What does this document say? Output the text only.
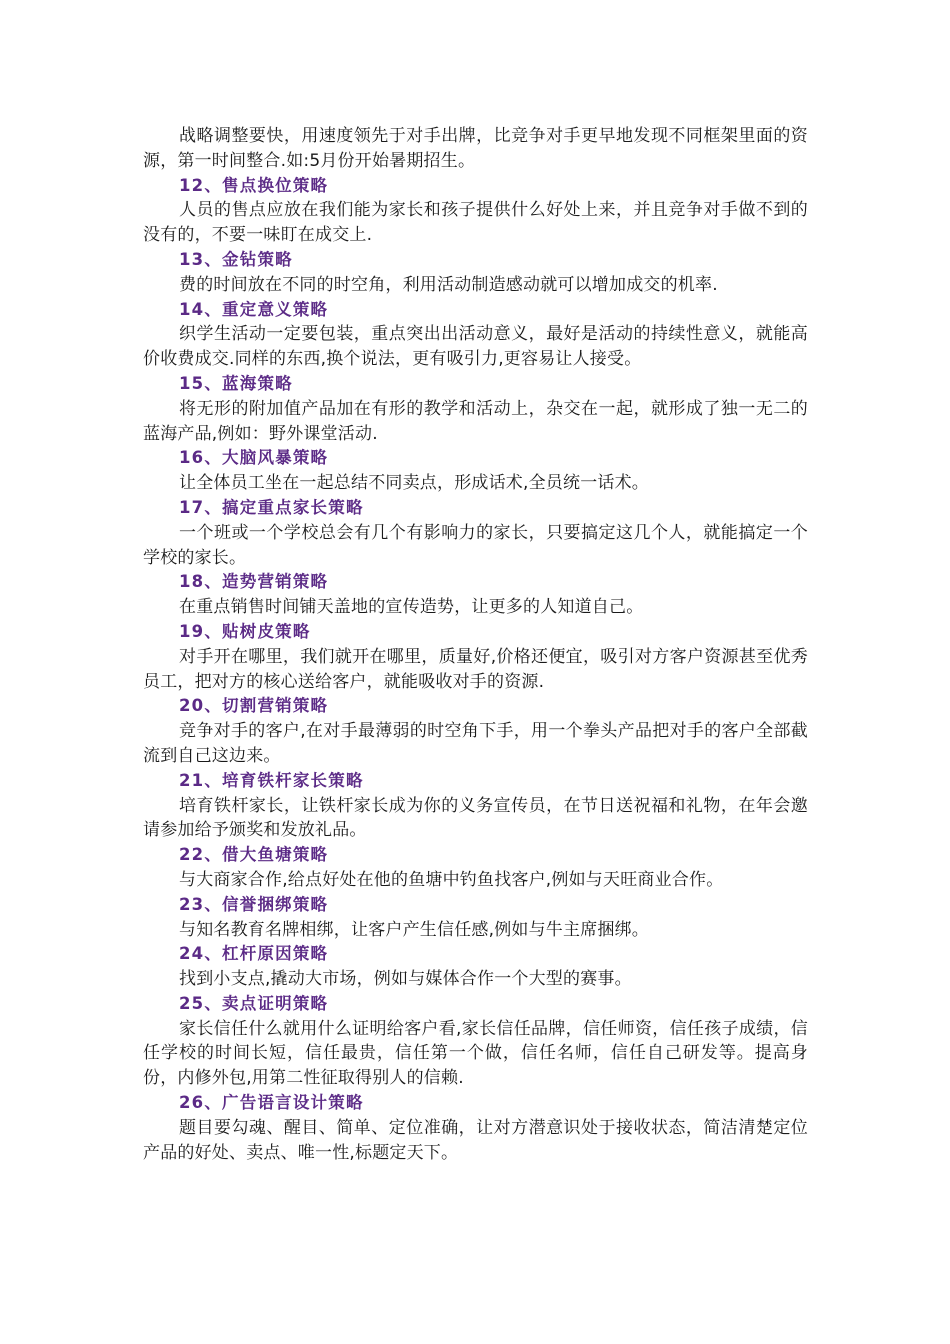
战略调整要快，用速度领先于对手出牌，比竞争对手更早地发现不同框架里面的资源，第一时间整合.如:5月份开始暑期招生。

12、售点换位策略

人员的售点应放在我们能为家长和孩子提供什么好处上来，并且竞争对手做不到的没有的，不要一味盯在成交上.

13、金钻策略

费的时间放在不同的时空角，利用活动制造感动就可以增加成交的机率.

14、重定意义策略

织学生活动一定要包装，重点突出出活动意义，最好是活动的持续性意义，就能高价收费成交.同样的东西,换个说法，更有吸引力,更容易让人接受。

15、蓝海策略

将无形的附加值产品加在有形的教学和活动上，杂交在一起，就形成了独一无二的蓝海产品,例如：野外课堂活动.

16、大脑风暴策略

让全体员工坐在一起总结不同卖点，形成话术,全员统一话术。

17、搞定重点家长策略

一个班或一个学校总会有几个有影响力的家长，只要搞定这几个人，就能搞定一个学校的家长。

18、造势营销策略

在重点销售时间铺天盖地的宣传造势，让更多的人知道自己。

19、贴树皮策略

对手开在哪里，我们就开在哪里，质量好,价格还便宜，吸引对方客户资源甚至优秀员工，把对方的核心送给客户，就能吸收对手的资源.

20、切割营销策略

竞争对手的客户,在对手最薄弱的时空角下手，用一个拳头产品把对手的客户全部截流到自己这边来。

21、培育铁杆家长策略

培育铁杆家长，让铁杆家长成为你的义务宣传员，在节日送祝福和礼物，在年会邀请参加给予颁奖和发放礼品。

22、借大鱼塘策略

与大商家合作,给点好处在他的鱼塘中钓鱼找客户,例如与天旺商业合作。

23、信誉捆绑策略

与知名教育名牌相绑，让客户产生信任感,例如与牛主席捆绑。

24、杠杆原因策略

找到小支点,撬动大市场，例如与媒体合作一个大型的赛事。

25、卖点证明策略

家长信任什么就用什么证明给客户看,家长信任品牌，信任师资，信任孩子成绩，信任学校的时间长短，信任最贵，信任第一个做，信任名师，信任自己研发等。提高身份，内修外包,用第二性征取得别人的信赖.

26、广告语言设计策略

题目要勾魂、醒目、简单、定位准确，让对方潜意识处于接收状态，简洁清楚定位产品的好处、卖点、唯一性,标题定天下。
